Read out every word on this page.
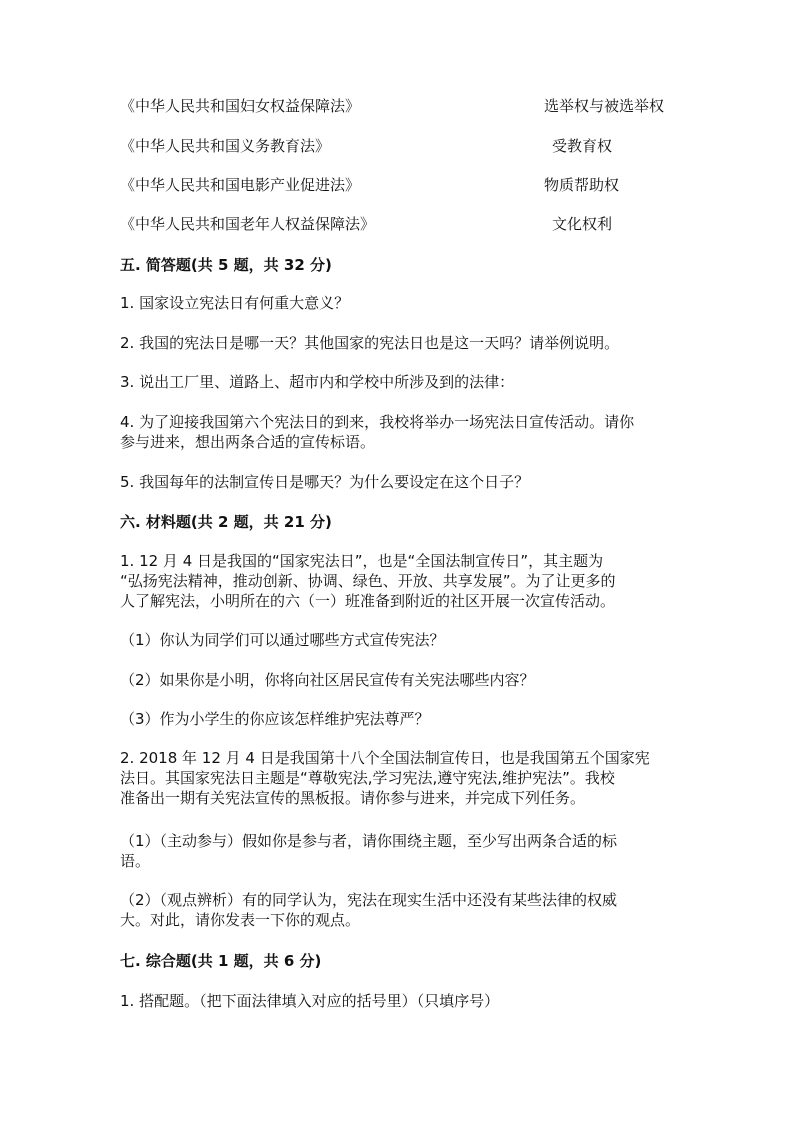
《中华人民共和国妇女权益保障法》	选举权与被选举权
《中华人民共和国义务教育法》	受教育权
《中华人民共和国电影产业促进法》	物质帮助权
《中华人民共和国老年人权益保障法》	文化权利
五. 简答题(共 5 题，共 32 分)
1. 国家设立宪法日有何重大意义？
2. 我国的宪法日是哪一天？其他国家的宪法日也是这一天吗？请举例说明。
3. 说出工厂里、道路上、超市内和学校中所涉及到的法律：
4. 为了迎接我国第六个宪法日的到来，我校将举办一场宪法日宣传活动。请你
参与进来，想出两条合适的宣传标语。
5. 我国每年的法制宣传日是哪天？为什么要设定在这个日子？
六. 材料题(共 2 题，共 21 分)
1. 12 月 4 日是我国的“国家宪法日”，也是“全国法制宣传日”，其主题为
“弘扬宪法精神，推动创新、协调、绿色、开放、共享发展”。为了让更多的
人了解宪法，小明所在的六（一）班准备到附近的社区开展一次宣传活动。
（1）你认为同学们可以通过哪些方式宣传宪法？
（2）如果你是小明，你将向社区居民宣传有关宪法哪些内容？
（3）作为小学生的你应该怎样维护宪法尊严？
2. 2018 年 12 月 4 日是我国第十八个全国法制宣传日，也是我国第五个国家宪
法日。其国家宪法日主题是“尊敬宪法,学习宪法,遵守宪法,维护宪法”。我校
准备出一期有关宪法宣传的黑板报。请你参与进来，并完成下列任务。
（1）（主动参与）假如你是参与者，请你围绕主题，至少写出两条合适的标
语。
（2）（观点辨析）有的同学认为，宪法在现实生活中还没有某些法律的权威
大。对此，请你发表一下你的观点。
七. 综合题(共 1 题，共 6 分)
1. 搭配题。（把下面法律填入对应的括号里）（只填序号）
